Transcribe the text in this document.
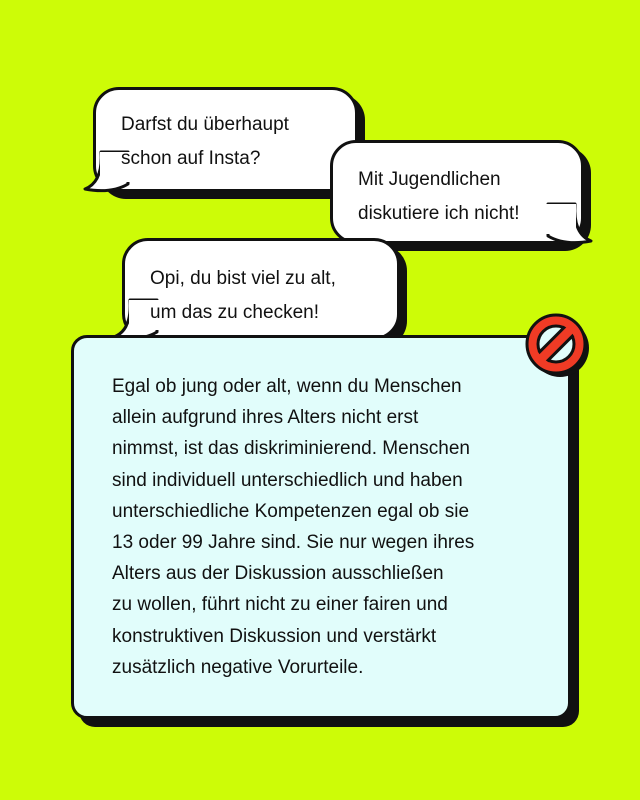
Darfst du überhaupt
schon auf Insta?
Mit Jugendlichen
diskutiere ich nicht!
Opi, du bist viel zu alt,
um das zu checken!
Egal ob jung oder alt, wenn du Menschen
allein aufgrund ihres Alters nicht erst
nimmst, ist das diskriminierend. Menschen
sind individuell unterschiedlich und haben
unterschiedliche Kompetenzen egal ob sie
13 oder 99 Jahre sind. Sie nur wegen ihres
Alters aus der Diskussion ausschließen
zu wollen, führt nicht zu einer fairen und
konstruktiven Diskussion und verstärkt
zusätzlich negative Vorurteile.
